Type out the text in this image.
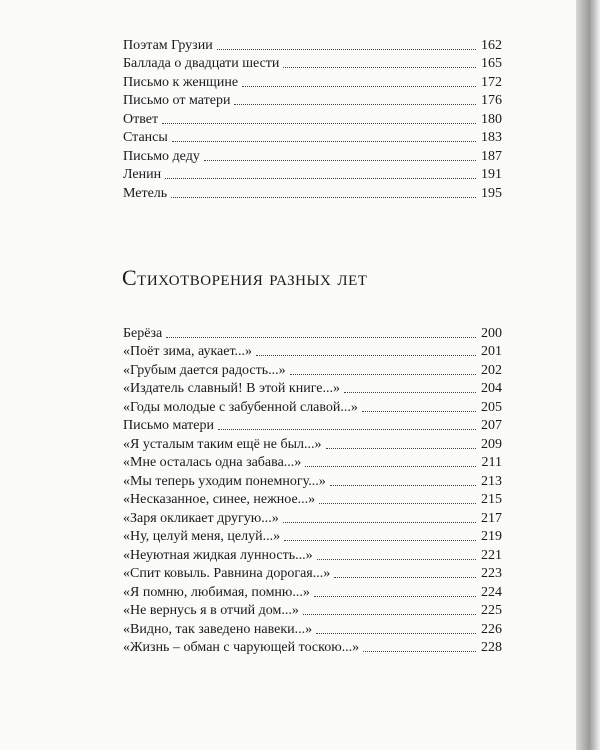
Поэтам Грузии	162
Баллада о двадцати шести	165
Письмо к женщине	172
Письмо от матери	176
Ответ	180
Стансы	183
Письмо деду	187
Ленин	191
Метель	195
Стихотворения разных лет
Берёза	200
«Поёт зима, аукает...»	201
«Грубым дается радость...»	202
«Издатель славный! В этой книге...»	204
«Годы молодые с забубенной славой...»	205
Письмо матери	207
«Я усталым таким ещё не был...»	209
«Мне осталась одна забава...»	211
«Мы теперь уходим понемногу...»	213
«Несказанное, синее, нежное...»	215
«Заря окликает другую...»	217
«Ну, целуй меня, целуй...»	219
«Неуютная жидкая лунность...»	221
«Спит ковыль. Равнина дорогая...»	223
«Я помню, любимая, помню...»	224
«Не вернусь я в отчий дом...»	225
«Видно, так заведено навеки...»	226
«Жизнь – обман с чарующей тоскою...»	228
